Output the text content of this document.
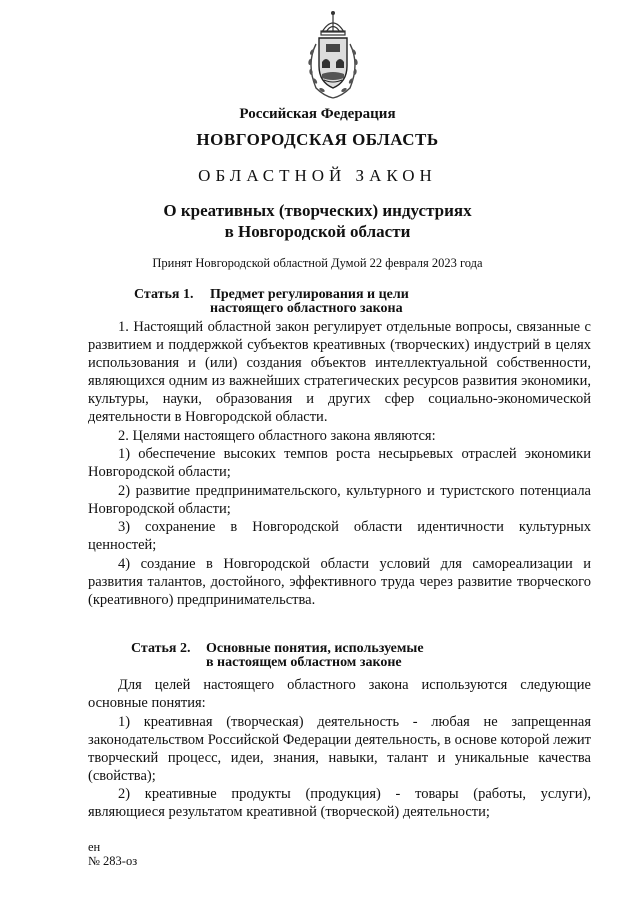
Российская Федерация
НОВГОРОДСКАЯ ОБЛАСТЬ
ОБЛАСТНОЙ ЗАКОН
О креативных (творческих) индустриях
в Новгородской области
Принят Новгородской областной Думой 22 февраля 2023 года
Статья 1. Предмет регулирования и цели
настоящего областного закона

1. Настоящий областной закон регулирует отдельные вопросы, связанные с развитием и поддержкой субъектов креативных (творческих) индустрий в целях использования и (или) создания объектов интеллектуальной собственности, являющихся одним из важнейших стратегических ресурсов развития экономики, культуры, науки, образования и других сфер социально-экономической деятельности в Новгородской области.

2. Целями настоящего областного закона являются:

1) обеспечение высоких темпов роста несырьевых отраслей экономики Новгородской области;

2) развитие предпринимательского, культурного и туристского потенциала Новгородской области;

3) сохранение в Новгородской области идентичности культурных ценностей;

4) создание в Новгородской области условий для самореализации и развития талантов, достойного, эффективного труда через развитие творческого (креативного) предпринимательства.

Статья 2. Основные понятия, используемые
в настоящем областном законе

Для целей настоящего областного закона используются следующие основные понятия:

1) креативная (творческая) деятельность - любая не запрещенная законодательством Российской Федерации деятельность, в основе которой лежит творческий процесс, идеи, знания, навыки, талант и уникальные качества (свойства);

2) креативные продукты (продукция) - товары (работы, услуги), являющиеся результатом креативной (творческой) деятельности;

ен
№ 283-оз
